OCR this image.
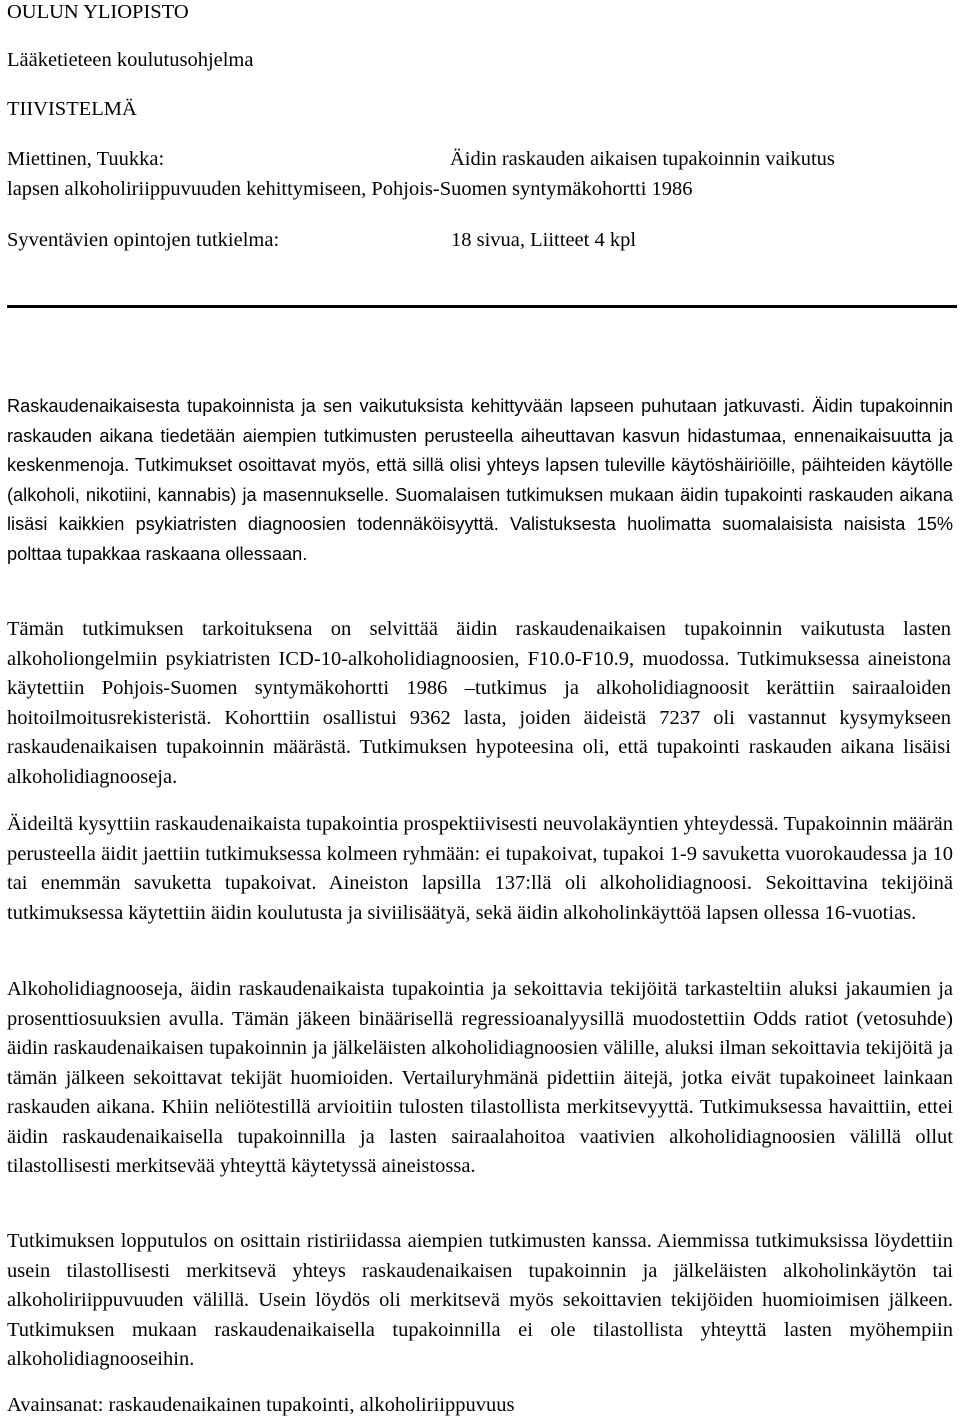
OULUN YLIOPISTO
Lääketieteen koulutusohjelma
TIIVISTELMÄ
Miettinen, Tuukka:	Äidin raskauden aikaisen tupakoinnin vaikutus
lapsen alkoholiriippuvuuden kehittymiseen, Pohjois-Suomen syntymäkohortti 1986
Syventävien opintojen tutkielma:	18 sivua, Liitteet 4 kpl
Raskaudenaikaisesta tupakoinnista ja sen vaikutuksista kehittyvään lapseen puhutaan jatkuvasti. Äidin tupakoinnin raskauden aikana tiedetään aiempien tutkimusten perusteella aiheuttavan kasvun hidastumaa, ennenaikaisuutta ja keskenmenoja. Tutkimukset osoittavat myös, että sillä olisi yhteys lapsen tuleville käytöshäiriöille, päihteiden käytölle (alkoholi, nikotiini, kannabis) ja masennukselle. Suomalaisen tutkimuksen mukaan äidin tupakointi raskauden aikana lisäsi kaikkien psykiatristen diagnoosien todennäköisyyttä. Valistuksesta huolimatta suomalaisista naisista 15% polttaa tupakkaa raskaana ollessaan.
Tämän tutkimuksen tarkoituksena on selvittää äidin raskaudenaikaisen tupakoinnin vaikutusta lasten alkoholiongelmiin psykiatristen ICD-10-alkoholidiagnoosien, F10.0-F10.9, muodossa. Tutkimuksessa aineistona käytettiin Pohjois-Suomen syntymäkohortti 1986 –tutkimus ja alkoholidiagnoosit kerättiin sairaaloiden hoitoilmoitusrekisteristä. Kohorttiin osallistui 9362 lasta, joiden äideistä 7237 oli vastannut kysymykseen raskaudenaikaisen tupakoinnin määrästä. Tutkimuksen hypoteesina oli, että tupakointi raskauden aikana lisäisi alkoholidiagnooseja.
Äideiltä kysyttiin raskaudenaikaista tupakointia prospektiivisesti neuvolakäyntien yhteydessä. Tupakoinnin määrän perusteella äidit jaettiin tutkimuksessa kolmeen ryhmään: ei tupakoivat, tupakoi 1-9 savuketta vuorokaudessa ja 10 tai enemmän savuketta tupakoivat. Aineiston lapsilla 137:llä oli alkoholidiagnoosi. Sekoittavina tekijöinä tutkimuksessa käytettiin äidin koulutusta ja siviilisäätyä, sekä äidin alkoholinkäyttöä lapsen ollessa 16-vuotias.
Alkoholidiagnooseja, äidin raskaudenaikaista tupakointia ja sekoittavia tekijöitä tarkasteltiin aluksi jakaumien ja prosenttiosuuksien avulla. Tämän jäkeen binäärisellä regressioanalyysillä muodostettiin Odds ratiot (vetosuhde) äidin raskaudenaikaisen tupakoinnin ja jälkeläisten alkoholidiagnoosien välille, aluksi ilman sekoittavia tekijöitä ja tämän jälkeen sekoittavat tekijät huomioiden. Vertailuryhmänä pidettiin äitejä, jotka eivät tupakoineet lainkaan raskauden aikana. Khiin neliötestillä arvioitiin tulosten tilastollista merkitsevyyttä. Tutkimuksessa havaittiin, ettei äidin raskaudenaikaisella tupakoinnilla ja lasten sairaalahoitoa vaativien alkoholidiagnoosien välillä ollut tilastollisesti merkitsevää yhteyttä käytetyssä aineistossa.
Tutkimuksen lopputulos on osittain ristiriidassa aiempien tutkimusten kanssa. Aiemmissa tutkimuksissa löydettiin usein tilastollisesti merkitsevä yhteys raskaudenaikaisen tupakoinnin ja jälkeläisten alkoholinkäytön tai alkoholiriippuvuuden välillä. Usein löydös oli merkitsevä myös sekoittavien tekijöiden huomioimisen jälkeen. Tutkimuksen mukaan raskaudenaikaisella tupakoinnilla ei ole tilastollista yhteyttä lasten myöhempiin alkoholidiagnooseihin.
Avainsanat: raskaudenaikainen tupakointi, alkoholiriippuvuus
